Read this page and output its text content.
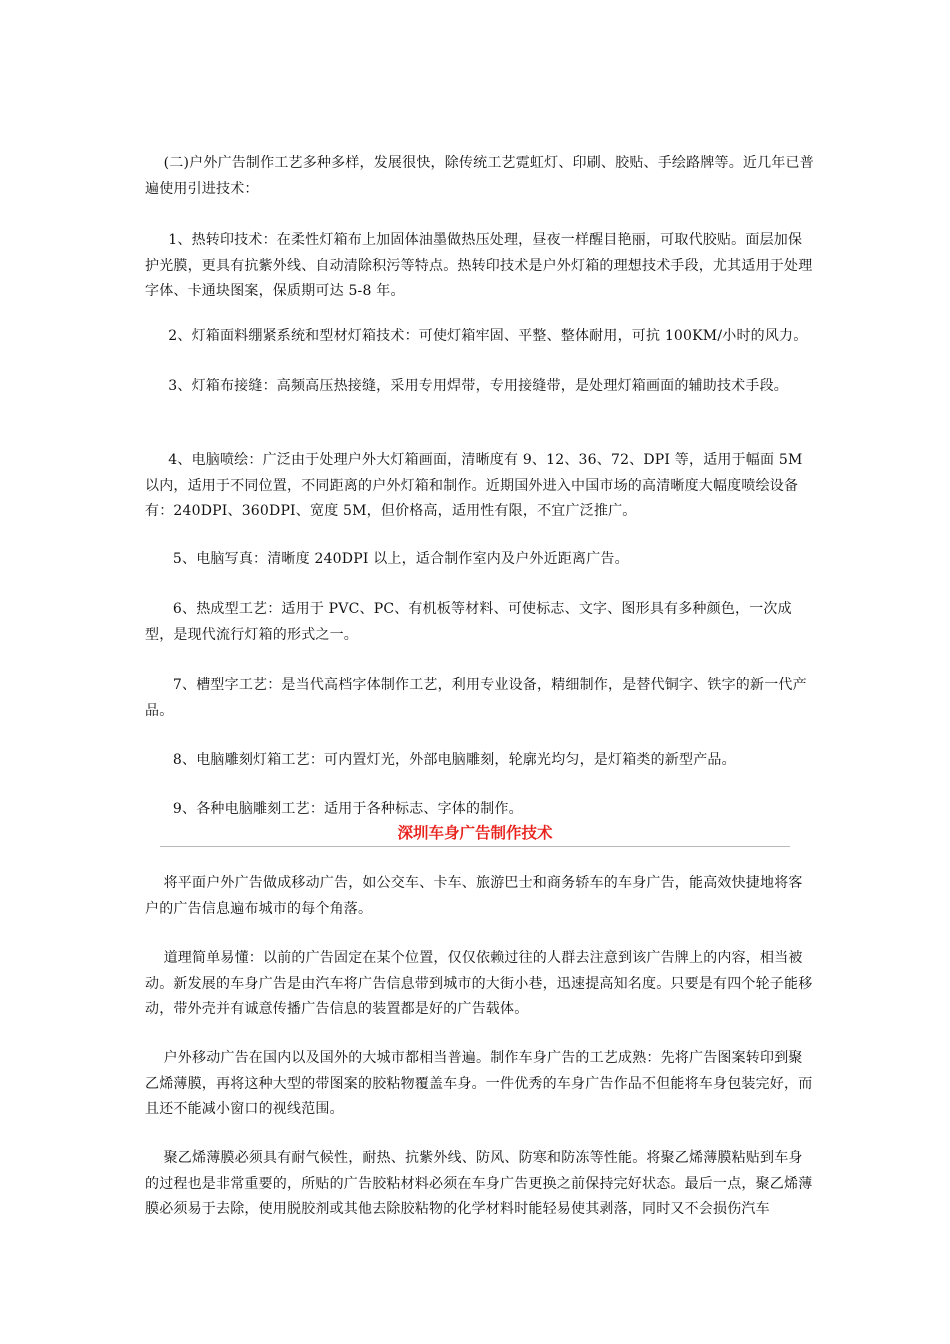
(二)户外广告制作工艺多种多样，发展很快，除传统工艺霓虹灯、印刷、胶贴、手绘路牌等。近几年已普遍使用引进技术：

1、热转印技术：在柔性灯箱布上加固体油墨做热压处理，昼夜一样醒目艳丽，可取代胶贴。面层加保护光膜，更具有抗紫外线、自动清除积污等特点。热转印技术是户外灯箱的理想技术手段，尤其适用于处理字体、卡通块图案，保质期可达 5-8 年。

2、灯箱面料绷紧系统和型材灯箱技术：可使灯箱牢固、平整、整体耐用，可抗 100KM/小时的风力。

3、灯箱布接缝：高频高压热接缝，采用专用焊带，专用接缝带，是处理灯箱画面的辅助技术手段。

4、电脑喷绘：广泛由于处理户外大灯箱画面，清晰度有 9、12、36、72、DPI 等，适用于幅面 5M 以内，适用于不同位置，不同距离的户外灯箱和制作。近期国外进入中国市场的高清晰度大幅度喷绘设备有：240DPI、360DPI、宽度 5M，但价格高，适用性有限，不宜广泛推广。

5、电脑写真：清晰度 240DPI 以上，适合制作室内及户外近距离广告。

6、热成型工艺：适用于 PVC、PC、有机板等材料、可使标志、文字、图形具有多种颜色，一次成型，是现代流行灯箱的形式之一。

7、槽型字工艺：是当代高档字体制作工艺，利用专业设备，精细制作，是替代铜字、铁字的新一代产品。

8、电脑雕刻灯箱工艺：可内置灯光，外部电脑雕刻，轮廓光均匀，是灯箱类的新型产品。

9、各种电脑雕刻工艺：适用于各种标志、字体的制作。

深圳车身广告制作技术

将平面户外广告做成移动广告，如公交车、卡车、旅游巴士和商务轿车的车身广告，能高效快捷地将客户的广告信息遍布城市的每个角落。

道理简单易懂：以前的广告固定在某个位置，仅仅依赖过往的人群去注意到该广告牌上的内容，相当被动。新发展的车身广告是由汽车将广告信息带到城市的大街小巷，迅速提高知名度。只要是有四个轮子能移动，带外壳并有诚意传播广告信息的装置都是好的广告载体。

户外移动广告在国内以及国外的大城市都相当普遍。制作车身广告的工艺成熟：先将广告图案转印到聚乙烯薄膜，再将这种大型的带图案的胶粘物覆盖车身。一件优秀的车身广告作品不但能将车身包装完好，而且还不能减小窗口的视线范围。

聚乙烯薄膜必须具有耐气候性，耐热、抗紫外线、防风、防寒和防冻等性能。将聚乙烯薄膜粘贴到车身的过程也是非常重要的，所贴的广告胶粘材料必须在车身广告更换之前保持完好状态。最后一点，聚乙烯薄膜必须易于去除，使用脱胶剂或其他去除胶粘物的化学材料时能轻易使其剥落，同时又不会损伤汽车
